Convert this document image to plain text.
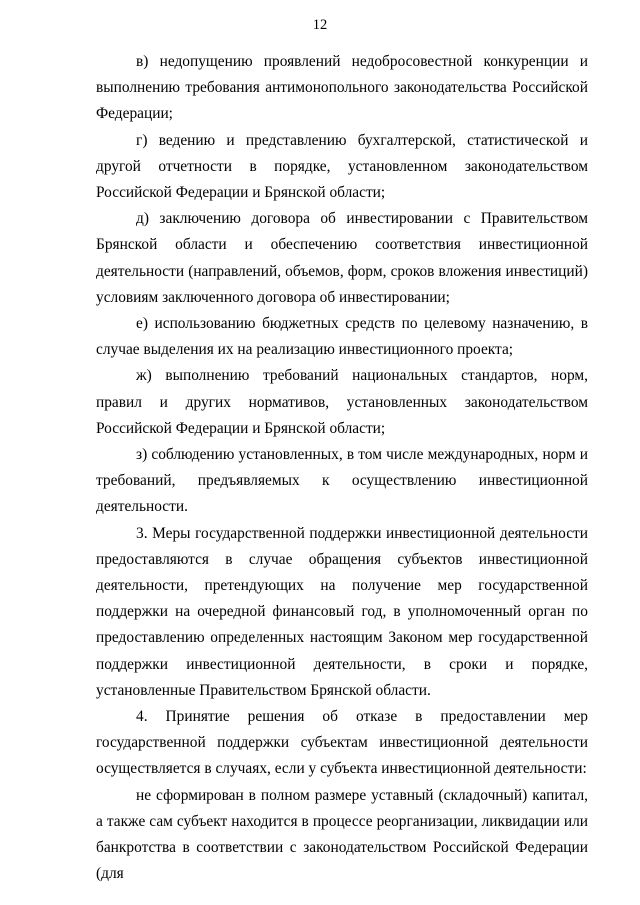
12

в) недопущению проявлений недобросовестной конкуренции и выполнению требования антимонопольного законодательства Российской Федерации;

г) ведению и представлению бухгалтерской, статистической и другой отчетности в порядке, установленном законодательством Российской Федерации и Брянской области;

д) заключению договора об инвестировании с Правительством Брянской области и обеспечению соответствия инвестиционной деятельности (направлений, объемов, форм, сроков вложения инвестиций) условиям заключенного договора об инвестировании;

е) использованию бюджетных средств по целевому назначению, в случае выделения их на реализацию инвестиционного проекта;

ж) выполнению требований национальных стандартов, норм, правил и других нормативов, установленных законодательством Российской Федерации и Брянской области;

з) соблюдению установленных, в том числе международных, норм и требований, предъявляемых к осуществлению инвестиционной деятельности.

3. Меры государственной поддержки инвестиционной деятельности предоставляются в случае обращения субъектов инвестиционной деятельности, претендующих на получение мер государственной поддержки на очередной финансовый год, в уполномоченный орган по предоставлению определенных настоящим Законом мер государственной поддержки инвестиционной деятельности, в сроки и порядке, установленные Правительством Брянской области.

4. Принятие решения об отказе в предоставлении мер государственной поддержки субъектам инвестиционной деятельности осуществляется в случаях, если у субъекта инвестиционной деятельности:

не сформирован в полном размере уставный (складочный) капитал, а также сам субъект находится в процессе реорганизации, ликвидации или банкротства в соответствии с законодательством Российской Федерации (для
